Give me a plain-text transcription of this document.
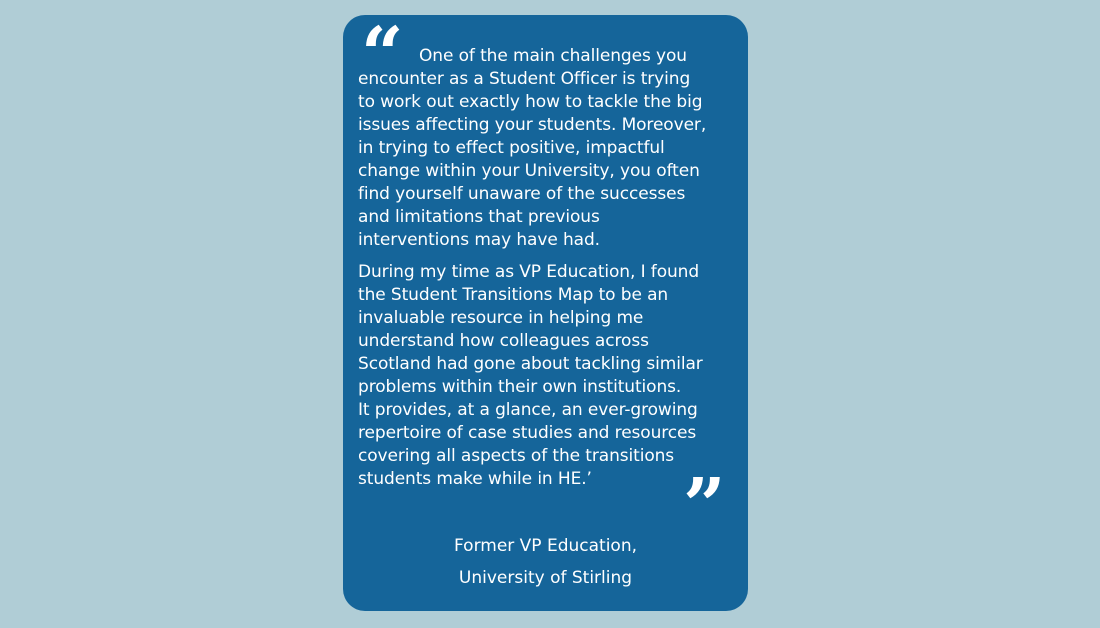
“ One of the main challenges you
encounter as a Student Officer is trying
to work out exactly how to tackle the big
issues affecting your students. Moreover,
in trying to effect positive, impactful
change within your University, you often
find yourself unaware of the successes
and limitations that previous
interventions may have had.

During my time as VP Education, I found
the Student Transitions Map to be an
invaluable resource in helping me
understand how colleagues across
Scotland had gone about tackling similar
problems within their own institutions.
It provides, at a glance, an ever-growing
repertoire of case studies and resources
covering all aspects of the transitions
students make while in HE.’	”
Former VP Education,
University of Stirling
